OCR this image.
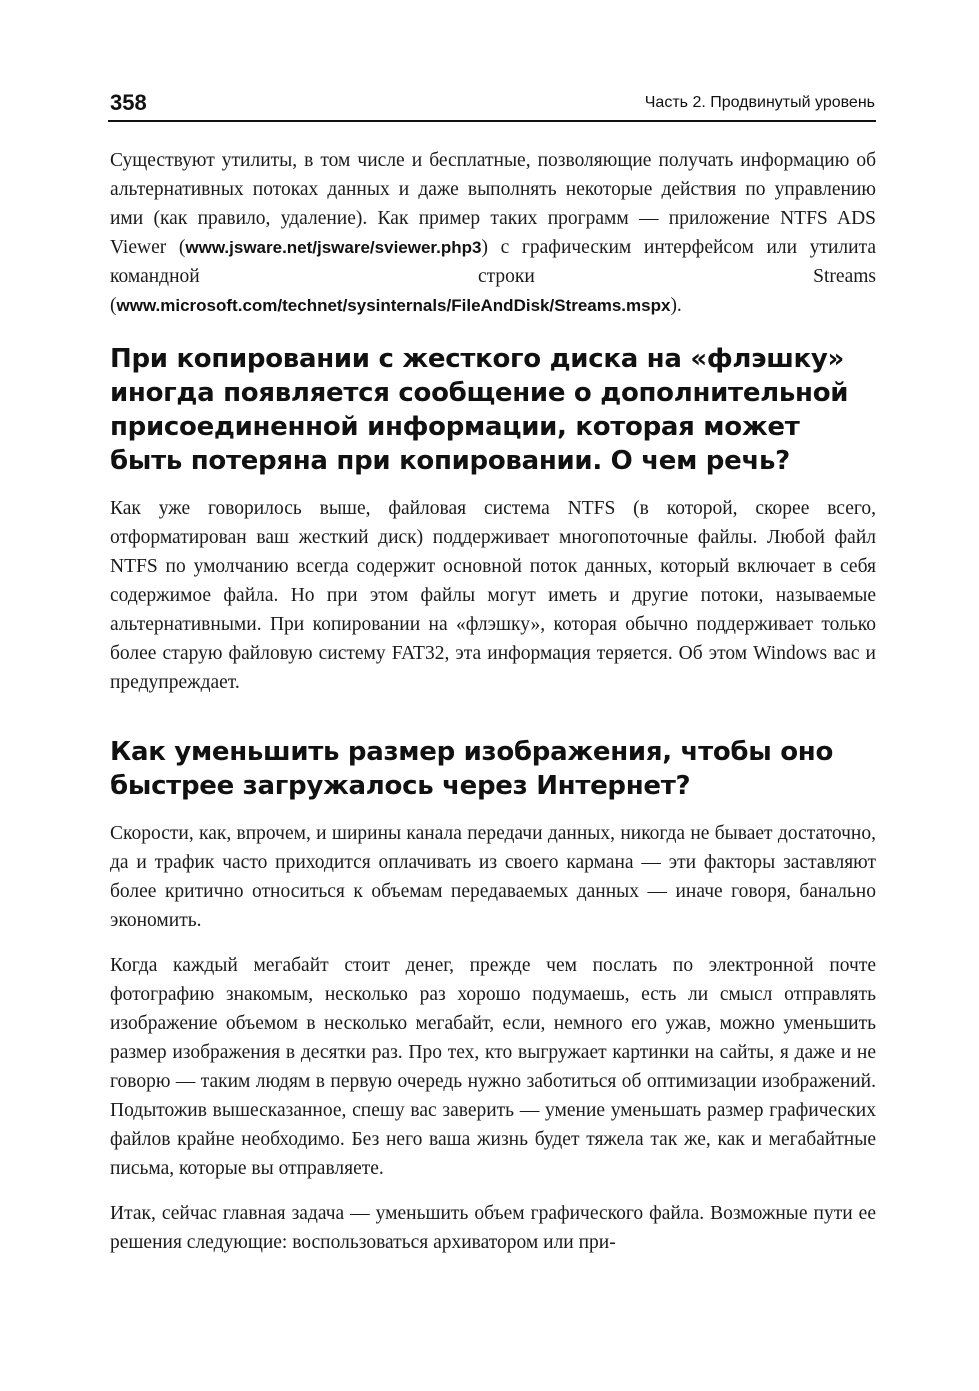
358	Часть 2. Продвинутый уровень

Существуют утилиты, в том числе и бесплатные, позволяющие получать информацию об альтернативных потоках данных и даже выполнять некоторые действия по управлению ими (как правило, удаление). Как пример таких программ — приложение NTFS ADS Viewer (www.jsware.net/jsware/sviewer.php3) с графическим интерфейсом или утилита командной строки Streams (www.microsoft.com/technet/sysinternals/FileAndDisk/Streams.mspx).

При копировании с жесткого диска на «флэшку» иногда появляется сообщение о дополнительной присоединенной информации, которая может быть потеряна при копировании. О чем речь?

Как уже говорилось выше, файловая система NTFS (в которой, скорее всего, отформатирован ваш жесткий диск) поддерживает многопоточные файлы. Любой файл NTFS по умолчанию всегда содержит основной поток данных, который включает в себя содержимое файла. Но при этом файлы могут иметь и другие потоки, называемые альтернативными. При копировании на «флэшку», которая обычно поддерживает только более старую файловую систему FAT32, эта информация теряется. Об этом Windows вас и предупреждает.

Как уменьшить размер изображения, чтобы оно быстрее загружалось через Интернет?

Скорости, как, впрочем, и ширины канала передачи данных, никогда не бывает достаточно, да и трафик часто приходится оплачивать из своего кармана — эти факторы заставляют более критично относиться к объемам передаваемых данных — иначе говоря, банально экономить.

Когда каждый мегабайт стоит денег, прежде чем послать по электронной почте фотографию знакомым, несколько раз хорошо подумаешь, есть ли смысл отправлять изображение объемом в несколько мегабайт, если, немного его ужав, можно уменьшить размер изображения в десятки раз. Про тех, кто выгружает картинки на сайты, я даже и не говорю — таким людям в первую очередь нужно заботиться об оптимизации изображений. Подытожив вышесказанное, спешу вас заверить — умение уменьшать размер графических файлов крайне необходимо. Без него ваша жизнь будет тяжела так же, как и мегабайтные письма, которые вы отправляете.

Итак, сейчас главная задача — уменьшить объем графического файла. Возможные пути ее решения следующие: воспользоваться архиватором или при-
